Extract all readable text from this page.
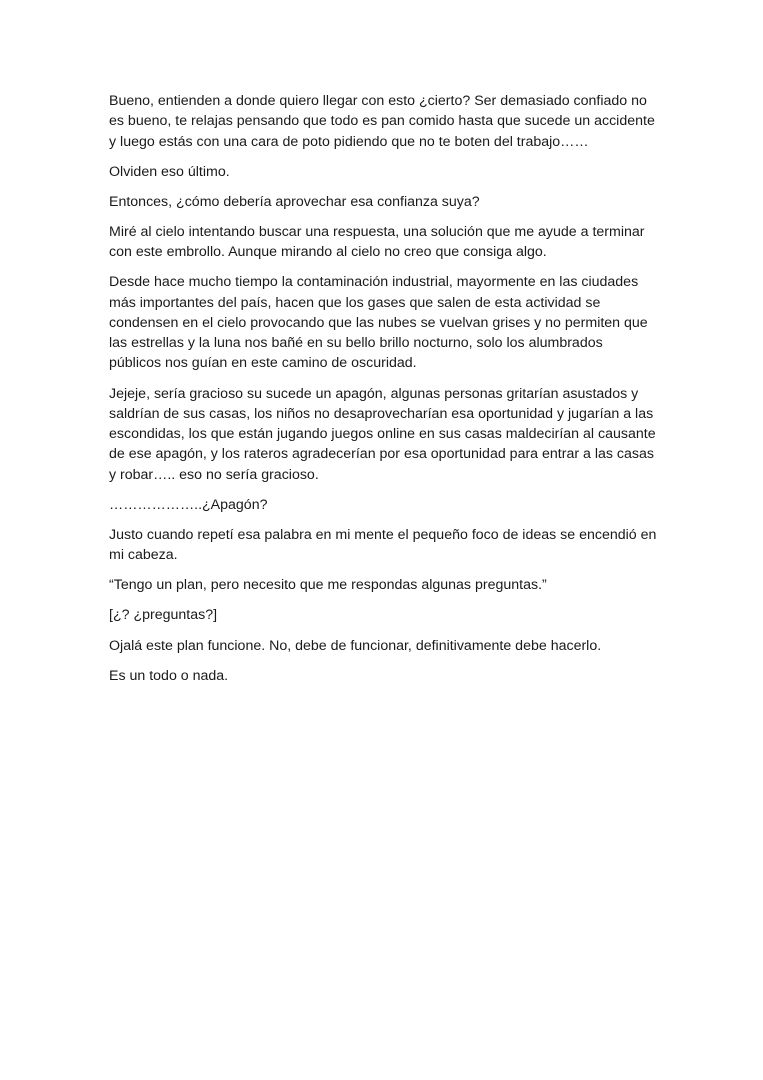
Bueno, entienden a donde quiero llegar con esto ¿cierto? Ser demasiado confiado no es bueno, te relajas pensando que todo es pan comido hasta que sucede un accidente y luego estás con una cara de poto pidiendo que no te boten del trabajo……

Olviden eso último.

Entonces, ¿cómo debería aprovechar esa confianza suya?

Miré al cielo intentando buscar una respuesta, una solución que me ayude a terminar con este embrollo. Aunque mirando al cielo no creo que consiga algo.

Desde hace mucho tiempo la contaminación industrial, mayormente en las ciudades más importantes del país, hacen que los gases que salen de esta actividad se condensen en el cielo provocando que las nubes se vuelvan grises y no permiten que las estrellas y la luna nos bañé en su bello brillo nocturno, solo los alumbrados públicos nos guían en este camino de oscuridad.

Jejeje, sería gracioso su sucede un apagón, algunas personas gritarían asustados y saldrían de sus casas, los niños no desaprovecharían esa oportunidad y jugarían a las escondidas, los que están jugando juegos online en sus casas maldecirían al causante de ese apagón, y los rateros agradecerían por esa oportunidad para entrar a las casas y robar….. eso no sería gracioso.

………………..¿Apagón?

Justo cuando repetí esa palabra en mi mente el pequeño foco de ideas se encendió en mi cabeza.

“Tengo un plan, pero necesito que me respondas algunas preguntas.”

[¿? ¿preguntas?]

Ojalá este plan funcione. No, debe de funcionar, definitivamente debe hacerlo.

Es un todo o nada.
